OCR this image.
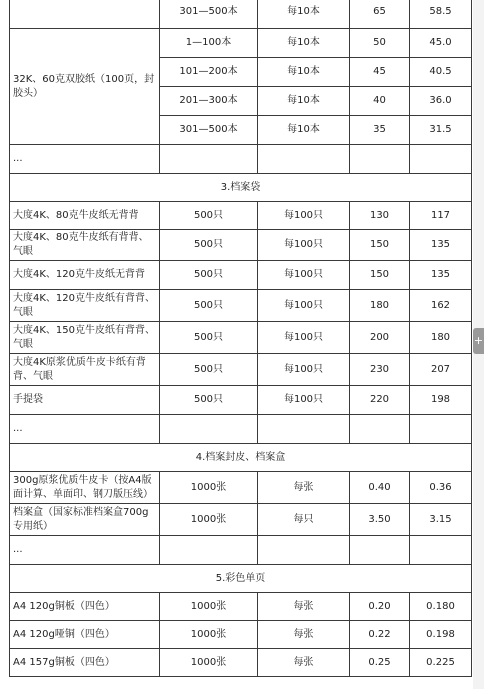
+
	301—500本	每10本	65	58.5
32K、60克双胶纸（100页，封胶头）	1—100本	每10本	50	45.0
	101—200本	每10本	45	40.5
	201—300本	每10本	40	36.0
	301—500本	每10本	35	31.5
...				
3.档案袋				
大度4K、80克牛皮纸无背背	500只	每100只	130	117
大度4K、80克牛皮纸有背背、气眼	500只	每100只	150	135
大度4K、120克牛皮纸无背背	500只	每100只	150	135
大度4K、120克牛皮纸有背背、气眼	500只	每100只	180	162
大度4K、150克牛皮纸有背背、气眼	500只	每100只	200	180
大度4K原浆优质牛皮卡纸有背背、气眼	500只	每100只	230	207
手提袋	500只	每100只	220	198
...				
4.档案封皮、档案盒				
300g原浆优质牛皮卡（按A4版面计算、单面印、钢刀版压线）	1000张	每张	0.40	0.36
档案盒（国家标准档案盒700g专用纸）	1000张	每只	3.50	3.15
...				
5.彩色单页				
A4 120g铜板（四色）	1000张	每张	0.20	0.180
A4 120g哑铜（四色）	1000张	每张	0.22	0.198
A4 157g铜板（四色）	1000张	每张	0.25	0.225
